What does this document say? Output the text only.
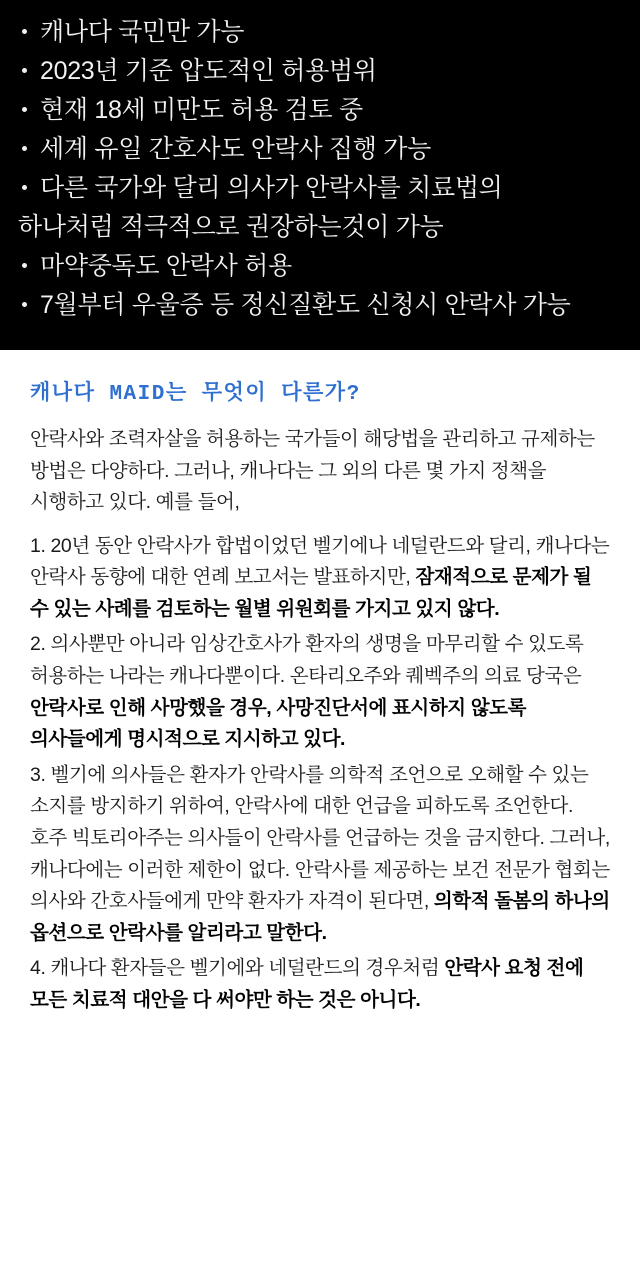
캐나다 국민만 가능
2023년 기준 압도적인 허용범위
현재 18세 미만도 허용 검토 중
세계 유일 간호사도 안락사 집행 가능
다른 국가와 달리 의사가 안락사를 치료법의
하나처럼 적극적으로 권장하는것이 가능
마약중독도 안락사 허용
7월부터 우울증 등 정신질환도 신청시 안락사 가능
캐나다 MAID는 무엇이 다른가?

안락사와 조력자살을 허용하는 국가들이 해당법을 관리하고 규제하는 방법은 다양하다. 그러나, 캐나다는 그 외의 다른 몇 가지 정책을 시행하고 있다. 예를 들어,

1. 20년 동안 안락사가 합법이었던 벨기에나 네덜란드와 달리, 캐나다는 안락사 동향에 대한 연례 보고서는 발표하지만, 잠재적으로 문제가 될 수 있는 사례를 검토하는 월별 위원회를 가지고 있지 않다.

2. 의사뿐만 아니라 임상간호사가 환자의 생명을 마무리할 수 있도록 허용하는 나라는 캐나다뿐이다. 온타리오주와 퀘벡주의 의료 당국은 안락사로 인해 사망했을 경우, 사망진단서에 표시하지 않도록 의사들에게 명시적으로 지시하고 있다.

3. 벨기에 의사들은 환자가 안락사를 의학적 조언으로 오해할 수 있는 소지를 방지하기 위하여, 안락사에 대한 언급을 피하도록 조언한다. 호주 빅토리아주는 의사들이 안락사를 언급하는 것을 금지한다. 그러나, 캐나다에는 이러한 제한이 없다. 안락사를 제공하는 보건 전문가 협회는 의사와 간호사들에게 만약 환자가 자격이 된다면, 의학적 돌봄의 하나의 옵션으로 안락사를 알리라고 말한다.

4. 캐나다 환자들은 벨기에와 네덜란드의 경우처럼 안락사 요청 전에 모든 치료적 대안을 다 써야만 하는 것은 아니다.
